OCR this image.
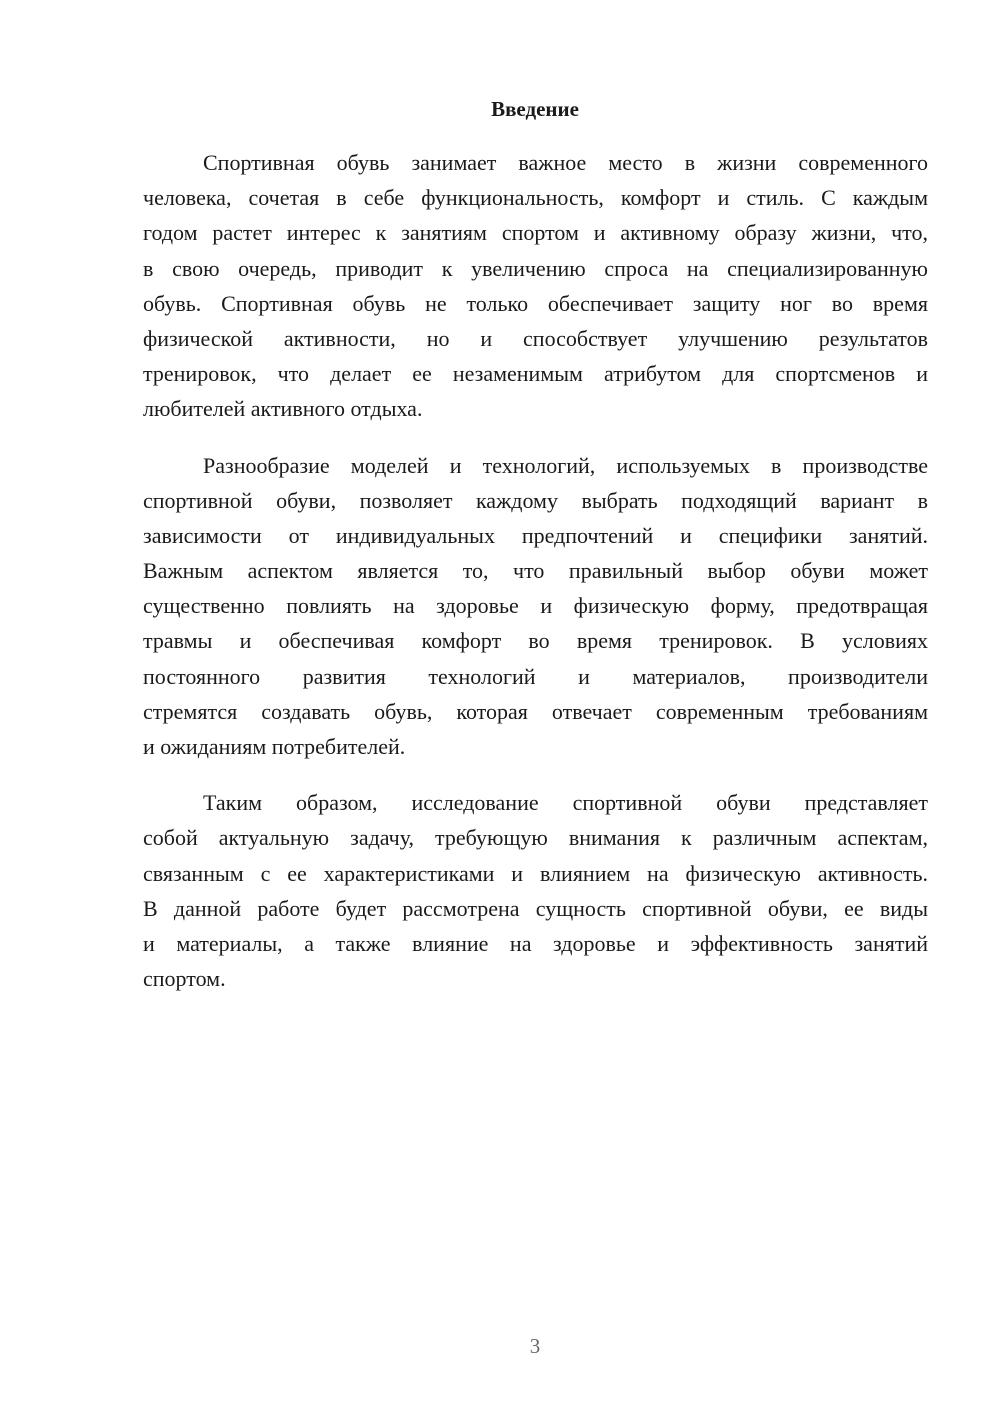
Введение
Спортивная обувь занимает важное место в жизни современного
человека, сочетая в себе функциональность, комфорт и стиль. С каждым
годом растет интерес к занятиям спортом и активному образу жизни, что,
в свою очередь, приводит к увеличению спроса на специализированную
обувь. Спортивная обувь не только обеспечивает защиту ног во время
физической активности, но и способствует улучшению результатов
тренировок, что делает ее незаменимым атрибутом для спортсменов и
любителей активного отдыха.
Разнообразие моделей и технологий, используемых в производстве
спортивной обуви, позволяет каждому выбрать подходящий вариант в
зависимости от индивидуальных предпочтений и специфики занятий.
Важным аспектом является то, что правильный выбор обуви может
существенно повлиять на здоровье и физическую форму, предотвращая
травмы и обеспечивая комфорт во время тренировок. В условиях
постоянного развития технологий и материалов, производители
стремятся создавать обувь, которая отвечает современным требованиям
и ожиданиям потребителей.
Таким образом, исследование спортивной обуви представляет
собой актуальную задачу, требующую внимания к различным аспектам,
связанным с ее характеристиками и влиянием на физическую активность.
В данной работе будет рассмотрена сущность спортивной обуви, ее виды
и материалы, а также влияние на здоровье и эффективность занятий
спортом.
3
